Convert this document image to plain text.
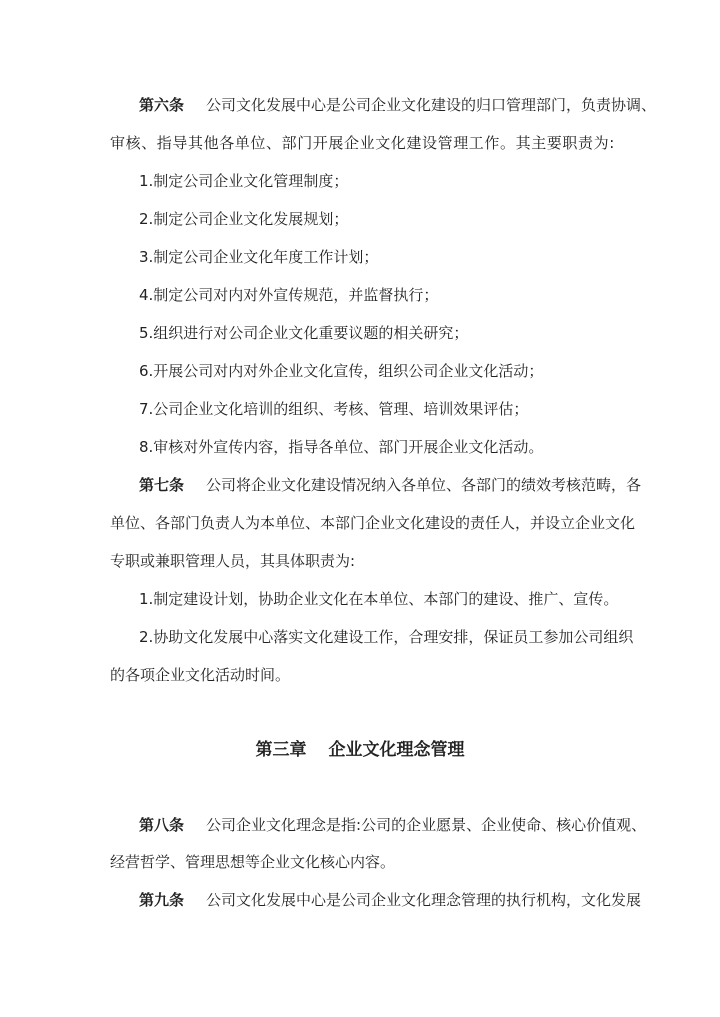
第六条 公司文化发展中心是公司企业文化建设的归口管理部门，负责协调、
审核、指导其他各单位、部门开展企业文化建设管理工作。其主要职责为:
1.制定公司企业文化管理制度；
2.制定公司企业文化发展规划；
3.制定公司企业文化年度工作计划；
4.制定公司对内对外宣传规范，并监督执行；
5.组织进行对公司企业文化重要议题的相关研究；
6.开展公司对内对外企业文化宣传，组织公司企业文化活动；
7.公司企业文化培训的组织、考核、管理、培训效果评估；
8.审核对外宣传内容，指导各单位、部门开展企业文化活动。
第七条 公司将企业文化建设情况纳入各单位、各部门的绩效考核范畴，各
单位、各部门负责人为本单位、本部门企业文化建设的责任人，并设立企业文化
专职或兼职管理人员，其具体职责为:
1.制定建设计划，协助企业文化在本单位、本部门的建设、推广、宣传。
2.协助文化发展中心落实文化建设工作，合理安排，保证员工参加公司组织
的各项企业文化活动时间。
第三章 企业文化理念管理
第八条 公司企业文化理念是指:公司的企业愿景、企业使命、核心价值观、
经营哲学、管理思想等企业文化核心内容。
第九条 公司文化发展中心是公司企业文化理念管理的执行机构，文化发展
